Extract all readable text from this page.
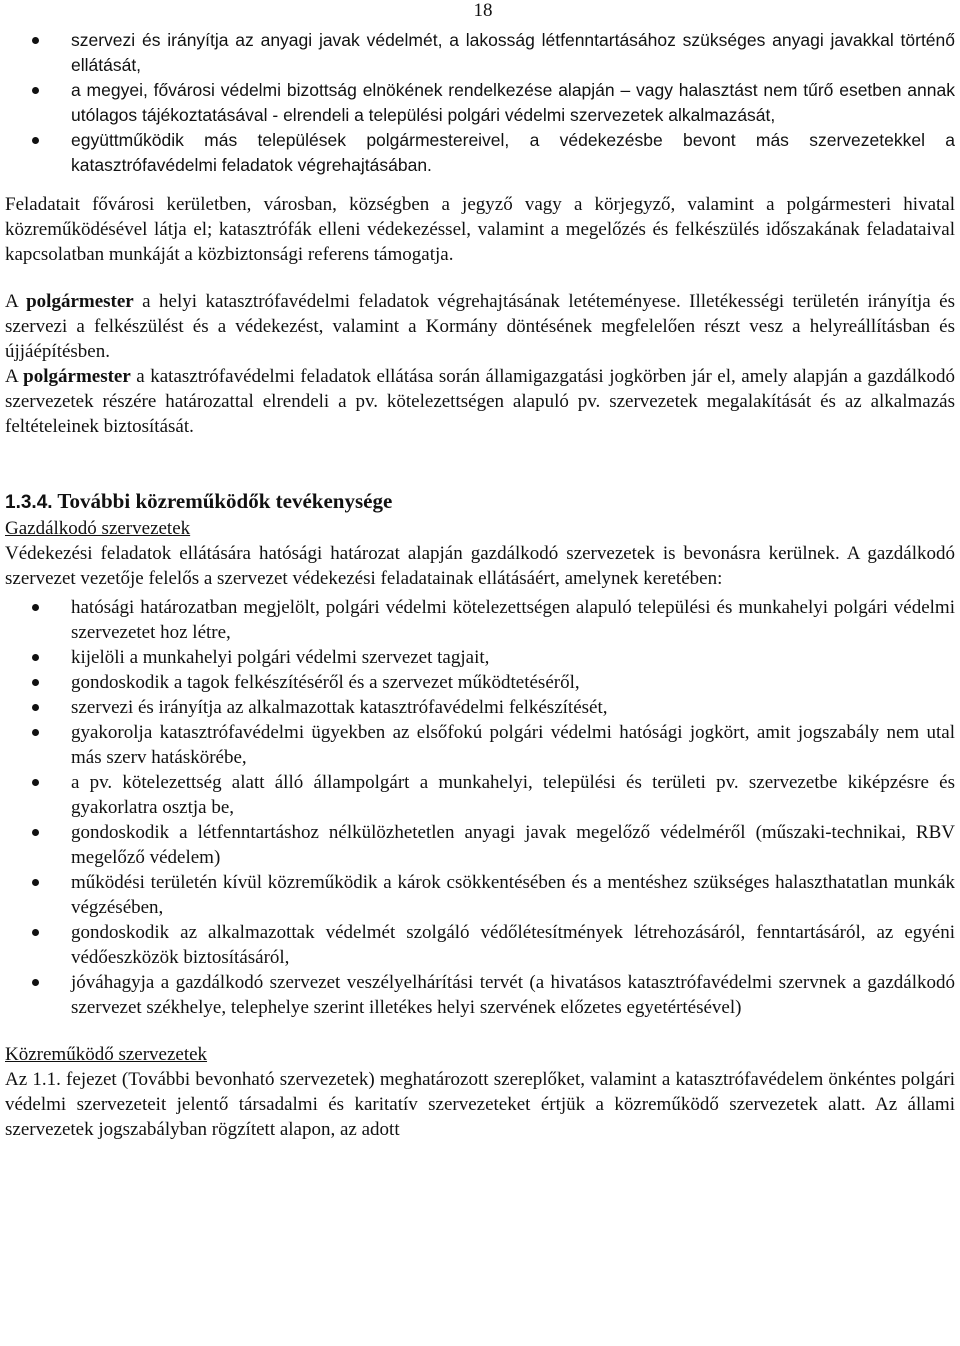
18
szervezi és irányítja az anyagi javak védelmét, a lakosság létfenntartásához szükséges anyagi javakkal történő ellátását,
a megyei, fővárosi védelmi bizottság elnökének rendelkezése alapján – vagy halasztást nem tűrő esetben annak utólagos tájékoztatásával - elrendeli a települési polgári védelmi szervezetek alkalmazását,
együttműködik más települések polgármestereivel, a védekezésbe bevont más szervezetekkel a katasztrófavédelmi feladatok végrehajtásában.

Feladatait fővárosi kerületben, városban, községben a jegyző vagy a körjegyző, valamint a polgármesteri hivatal közreműködésével látja el; katasztrófák elleni védekezéssel, valamint a megelőzés és felkészülés időszakának feladataival kapcsolatban munkáját a közbiztonsági referens támogatja.

A polgármester a helyi katasztrófavédelmi feladatok végrehajtásának letéteményese. Illetékességi területén irányítja és szervezi a felkészülést és a védekezést, valamint a Kormány döntésének megfelelően részt vesz a helyreállításban és újjáépítésben.

A polgármester a katasztrófavédelmi feladatok ellátása során államigazgatási jogkörben jár el, amely alapján a gazdálkodó szervezetek részére határozattal elrendeli a pv. kötelezettségen alapuló pv. szervezetek megalakítását és az alkalmazás feltételeinek biztosítását.

1.3.4. További közreműködők tevékenysége

Gazdálkodó szervezetek

Védekezési feladatok ellátására hatósági határozat alapján gazdálkodó szervezetek is bevonásra kerülnek. A gazdálkodó szervezet vezetője felelős a szervezet védekezési feladatainak ellátásáért, amelynek keretében:

hatósági határozatban megjelölt, polgári védelmi kötelezettségen alapuló települési és munkahelyi polgári védelmi szervezetet hoz létre,
kijelöli a munkahelyi polgári védelmi szervezet tagjait,
gondoskodik a tagok felkészítéséről és a szervezet működtetéséről,
szervezi és irányítja az alkalmazottak katasztrófavédelmi felkészítését,
gyakorolja katasztrófavédelmi ügyekben az elsőfokú polgári védelmi hatósági jogkört, amit jogszabály nem utal más szerv hatáskörébe,
a pv. kötelezettség alatt álló állampolgárt a munkahelyi, települési és területi pv. szervezetbe kiképzésre és gyakorlatra osztja be,
gondoskodik a létfenntartáshoz nélkülözhetetlen anyagi javak megelőző védelméről (műszaki-technikai, RBV megelőző védelem)
működési területén kívül közreműködik a károk csökkentésében és a mentéshez szükséges halaszthatatlan munkák végzésében,
gondoskodik az alkalmazottak védelmét szolgáló védőlétesítmények létrehozásáról, fenntartásáról, az egyéni védőeszközök biztosításáról,
jóváhagyja a gazdálkodó szervezet veszélyelhárítási tervét (a hivatásos katasztrófavédelmi szervnek a gazdálkodó szervezet székhelye, telephelye szerint illetékes helyi szervének előzetes egyetértésével)

Közreműködő szervezetek

Az 1.1. fejezet (További bevonható szervezetek) meghatározott szereplőket, valamint a katasztrófavédelem önkéntes polgári védelmi szervezeteit jelentő társadalmi és karitatív szervezeteket értjük a közreműködő szervezetek alatt. Az állami szervezetek jogszabályban rögzített alapon, az adott
